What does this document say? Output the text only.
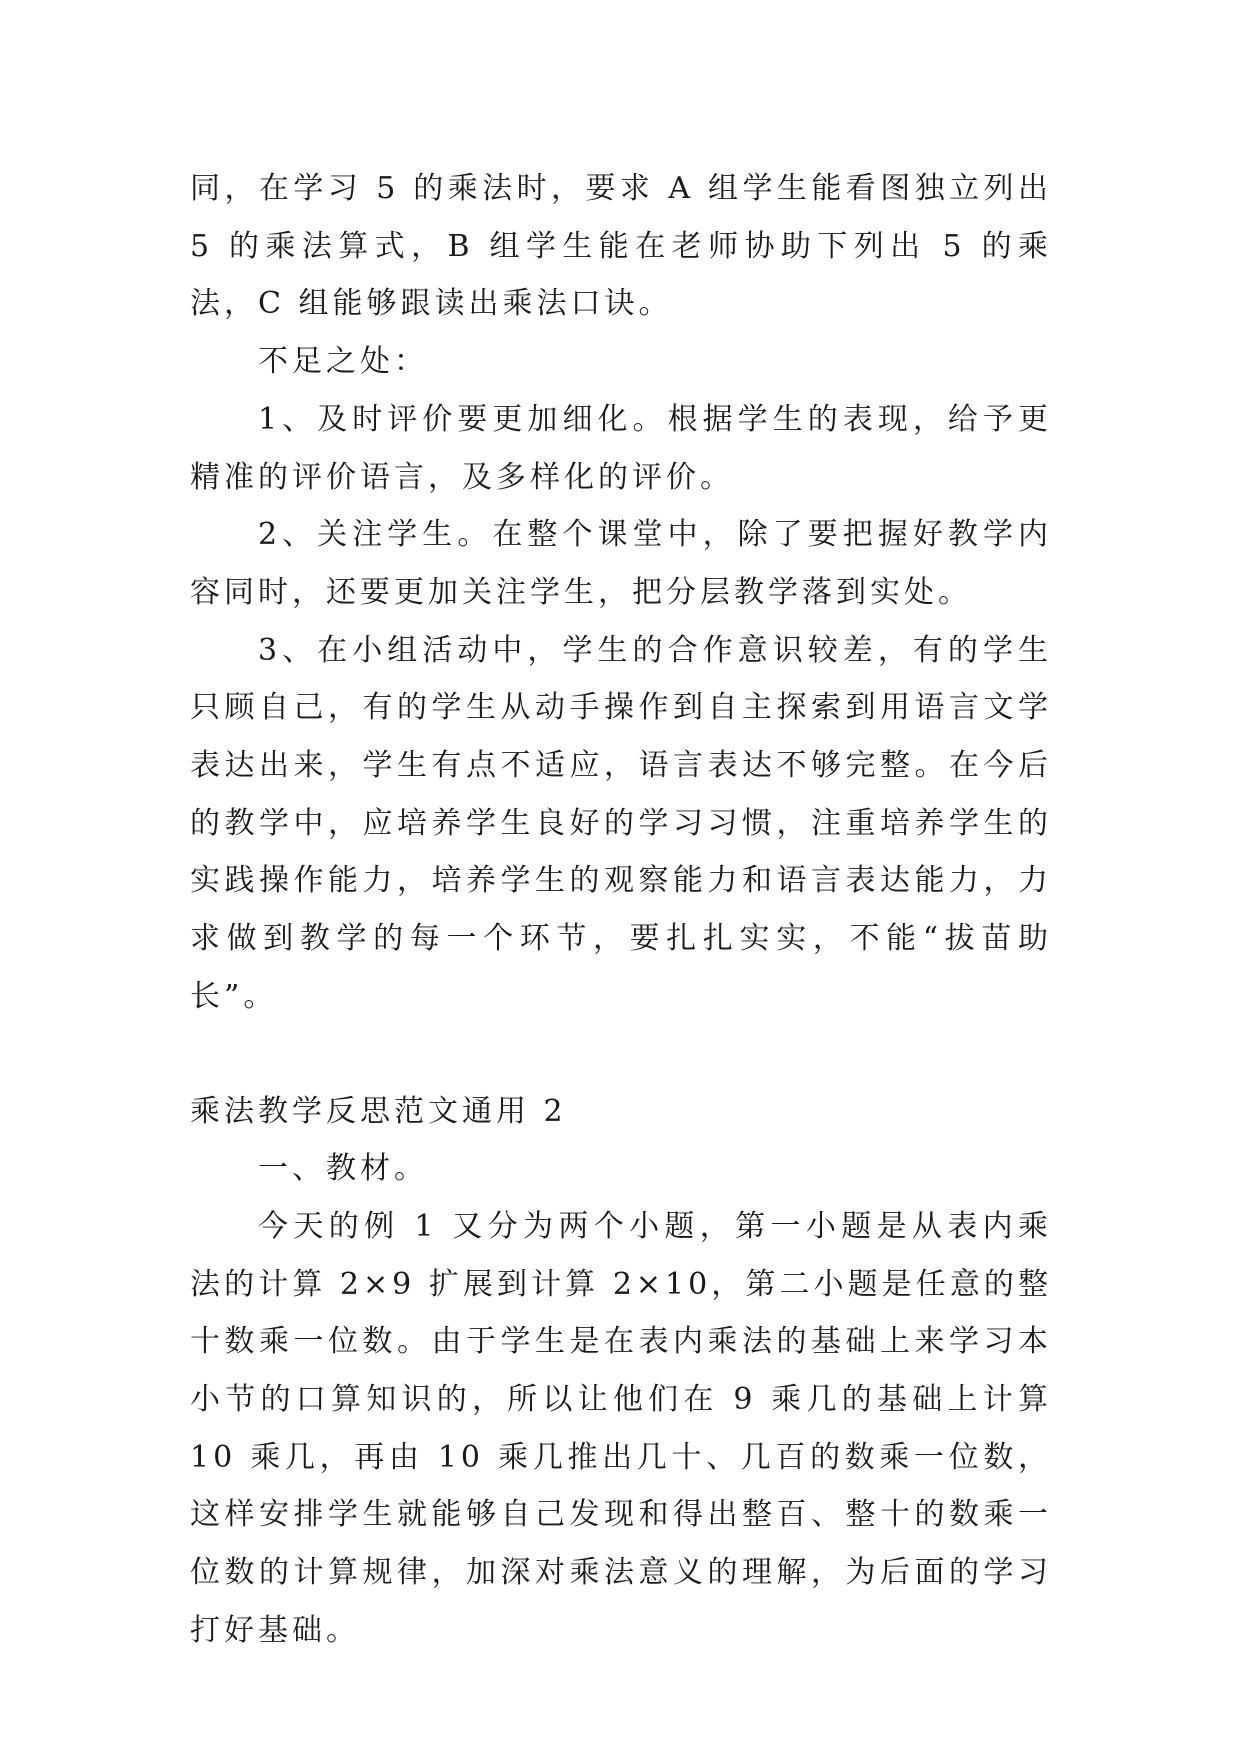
同，在学习 5 的乘法时，要求 A 组学生能看图独立列出 5 的乘法算式，B 组学生能在老师协助下列出 5 的乘法，C 组能够跟读出乘法口诀。

不足之处：

1、及时评价要更加细化。根据学生的表现，给予更精准的评价语言，及多样化的评价。

2、关注学生。在整个课堂中，除了要把握好教学内容同时，还要更加关注学生，把分层教学落到实处。

3、在小组活动中，学生的合作意识较差，有的学生只顾自己，有的学生从动手操作到自主探索到用语言文学表达出来，学生有点不适应，语言表达不够完整。在今后的教学中，应培养学生良好的学习习惯，注重培养学生的实践操作能力，培养学生的观察能力和语言表达能力，力求做到教学的每一个环节，要扎扎实实，不能“拔苗助长”。

乘法教学反思范文通用 2

一、教材。

今天的例 1 又分为两个小题，第一小题是从表内乘法的计算 2×9 扩展到计算 2×10，第二小题是任意的整十数乘一位数。由于学生是在表内乘法的基础上来学习本小节的口算知识的，所以让他们在 9 乘几的基础上计算 10 乘几，再由 10 乘几推出几十、几百的数乘一位数，这样安排学生就能够自己发现和得出整百、整十的数乘一位数的计算规律，加深对乘法意义的理解，为后面的学习打好基础。
